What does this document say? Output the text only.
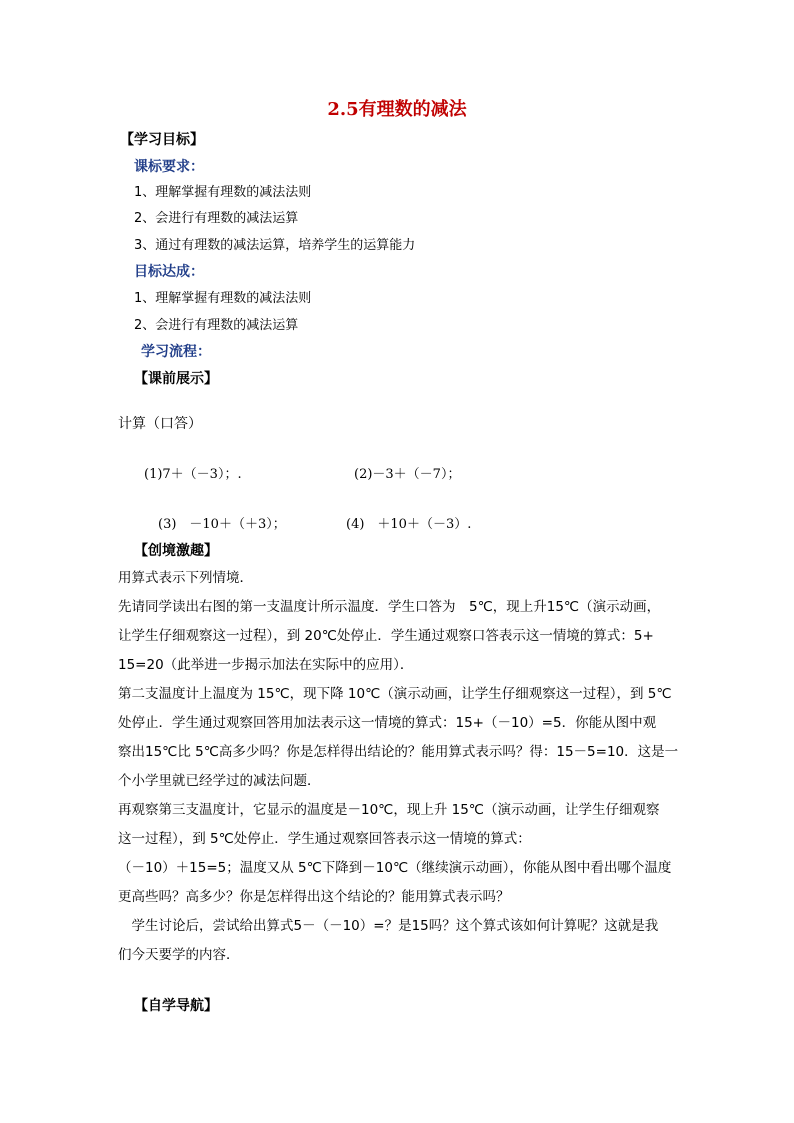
2.5有理数的减法
【学习目标】
课标要求：
1、理解掌握有理数的减法法则
2、会进行有理数的减法运算
3、通过有理数的减法运算，培养学生的运算能力
目标达成：
1、理解掌握有理数的减法法则
2、会进行有理数的减法运算
学习流程：
【课前展示】
计算（口答）
(1)7＋（－3）；.	(2)－3＋（－7）；
(3)　－10＋（＋3）；	(4)　＋10＋（－3）.
【创境激趣】
用算式表示下列情境．
先请同学读出右图的第一支温度计所示温度．学生口答为　5℃，现上升15℃（演示动画，
让学生仔细观察这一过程），到 20℃处停止．学生通过观察口答表示这一情境的算式：5+
15=20（此举进一步揭示加法在实际中的应用）．
第二支温度计上温度为 15℃，现下降 10℃（演示动画，让学生仔细观察这一过程），到 5℃
处停止．学生通过观察回答用加法表示这一情境的算式：15+（－10）=5．你能从图中观
察出15℃比 5℃高多少吗？你是怎样得出结论的？能用算式表示吗？得：15－5=10．这是一
个小学里就已经学过的减法问题．
再观察第三支温度计，它显示的温度是－10℃，现上升 15℃（演示动画，让学生仔细观察
这一过程），到 5℃处停止．学生通过观察回答表示这一情境的算式：
（－10）＋15=5；温度又从 5℃下降到－10℃（继续演示动画），你能从图中看出哪个温度
更高些吗？高多少？你是怎样得出这个结论的？能用算式表示吗？
　学生讨论后，尝试给出算式5－（－10）=？是15吗？这个算式该如何计算呢？这就是我
们今天要学的内容．
【自学导航】
